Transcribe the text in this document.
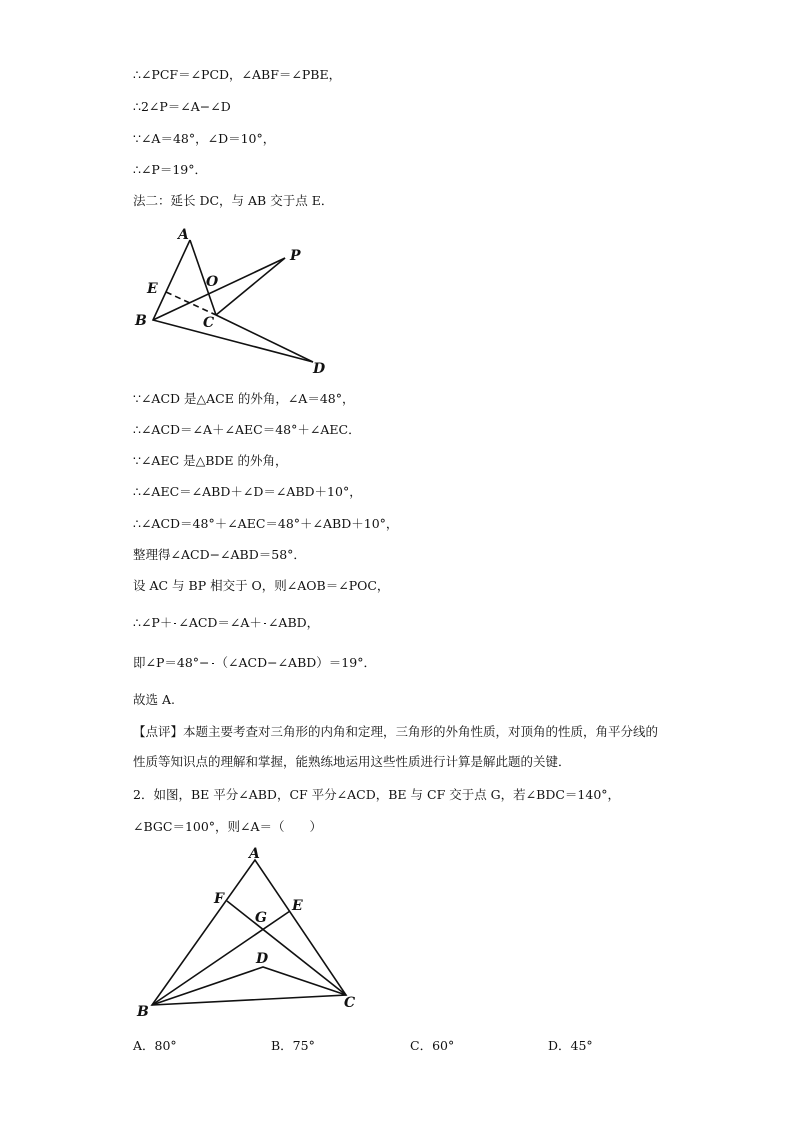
∴∠PCF＝∠PCD，∠ABF＝∠PBE，
∴2∠P＝∠A−∠D
∵∠A＝48°，∠D＝10°，
∴∠P＝19°．
法二：延长 DC，与 AB 交于点 E．
A
O
P
E
B	C
D
∵∠ACD 是△ACE 的外角，∠A＝48°，
∴∠ACD＝∠A＋∠AEC＝48°＋∠AEC．
∵∠AEC 是△BDE 的外角，
∴∠AEC＝∠ABD＋∠D＝∠ABD＋10°，
∴∠ACD＝48°＋∠AEC＝48°＋∠ABD＋10°，
整理得∠ACD−∠ABD＝58°．
设 AC 与 BP 相交于 O，则∠AOB＝∠POC，
∴∠P＋ ∠ACD＝∠A＋ ∠ABD，
即∠P＝48°− （∠ACD−∠ABD）＝19°．
故选 A.
【点评】本题主要考查对三角形的内角和定理，三角形的外角性质，对顶角的性质，角平分线的性质等知识点的理解和掌握，能熟练地运用这些性质进行计算是解此题的关键．
2．如图，BE 平分∠ABD，CF 平分∠ACD，BE 与 CF 交于点 G，若∠BDC＝140°，
∠BGC＝100°，则∠A＝（　　）
A
F
G
E
D
B
C
A．80°	B．75°	C．60°	D．45°
